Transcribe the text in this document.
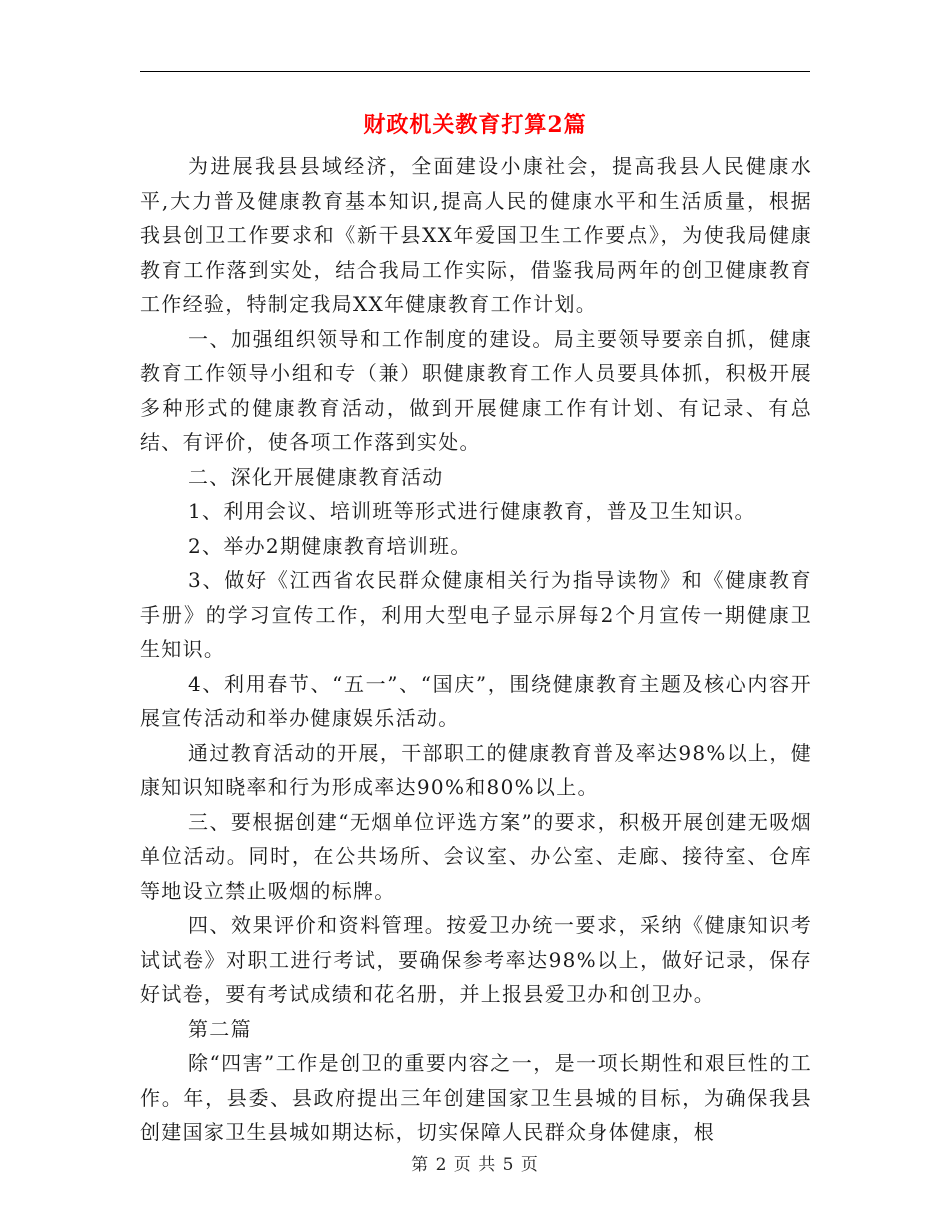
财政机关教育打算2篇

为进展我县县域经济，全面建设小康社会，提高我县人民健康水平,大力普及健康教育基本知识,提高人民的健康水平和生活质量，根据我县创卫工作要求和《新干县XX年爱国卫生工作要点》，为使我局健康教育工作落到实处，结合我局工作实际，借鉴我局两年的创卫健康教育工作经验，特制定我局XX年健康教育工作计划。

一、加强组织领导和工作制度的建设。局主要领导要亲自抓，健康教育工作领导小组和专（兼）职健康教育工作人员要具体抓，积极开展多种形式的健康教育活动，做到开展健康工作有计划、有记录、有总结、有评价，使各项工作落到实处。

二、深化开展健康教育活动

1、利用会议、培训班等形式进行健康教育，普及卫生知识。

2、举办2期健康教育培训班。

3、做好《江西省农民群众健康相关行为指导读物》和《健康教育手册》的学习宣传工作，利用大型电子显示屏每2个月宣传一期健康卫生知识。

4、利用春节、“五一”、“国庆”，围绕健康教育主题及核心内容开展宣传活动和举办健康娱乐活动。

通过教育活动的开展，干部职工的健康教育普及率达98%以上，健康知识知晓率和行为形成率达90%和80%以上。

三、要根据创建“无烟单位评选方案”的要求，积极开展创建无吸烟单位活动。同时，在公共场所、会议室、办公室、走廊、接待室、仓库等地设立禁止吸烟的标牌。

四、效果评价和资料管理。按爱卫办统一要求，采纳《健康知识考试试卷》对职工进行考试，要确保参考率达98%以上，做好记录，保存好试卷，要有考试成绩和花名册，并上报县爱卫办和创卫办。

第二篇

除“四害”工作是创卫的重要内容之一，是一项长期性和艰巨性的工作。年，县委、县政府提出三年创建国家卫生县城的目标，为确保我县创建国家卫生县城如期达标，切实保障人民群众身体健康，根

第 2 页 共 5 页
